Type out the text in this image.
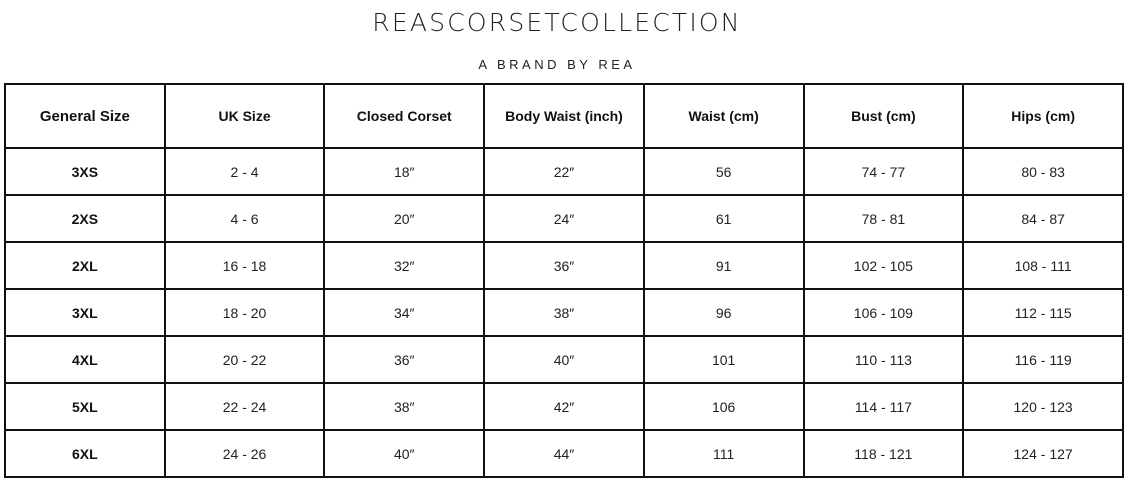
REASCORSETCOLLECTION
A BRAND BY REA
General Size	UK Size	Closed Corset	Body Waist (inch)	Waist (cm)	Bust (cm)	Hips (cm)
3XS	2 - 4	18″	22″	56	74 - 77	80 - 83
2XS	4 - 6	20″	24″	61	78 - 81	84 - 87
2XL	16 - 18	32″	36″	91	102 - 105	108 - 111
3XL	18 - 20	34″	38″	96	106 - 109	112 - 115
4XL	20 - 22	36″	40″	101	110 - 113	116 - 119
5XL	22 - 24	38″	42″	106	114 - 117	120 - 123
6XL	24 - 26	40″	44″	111	118 - 121	124 - 127
